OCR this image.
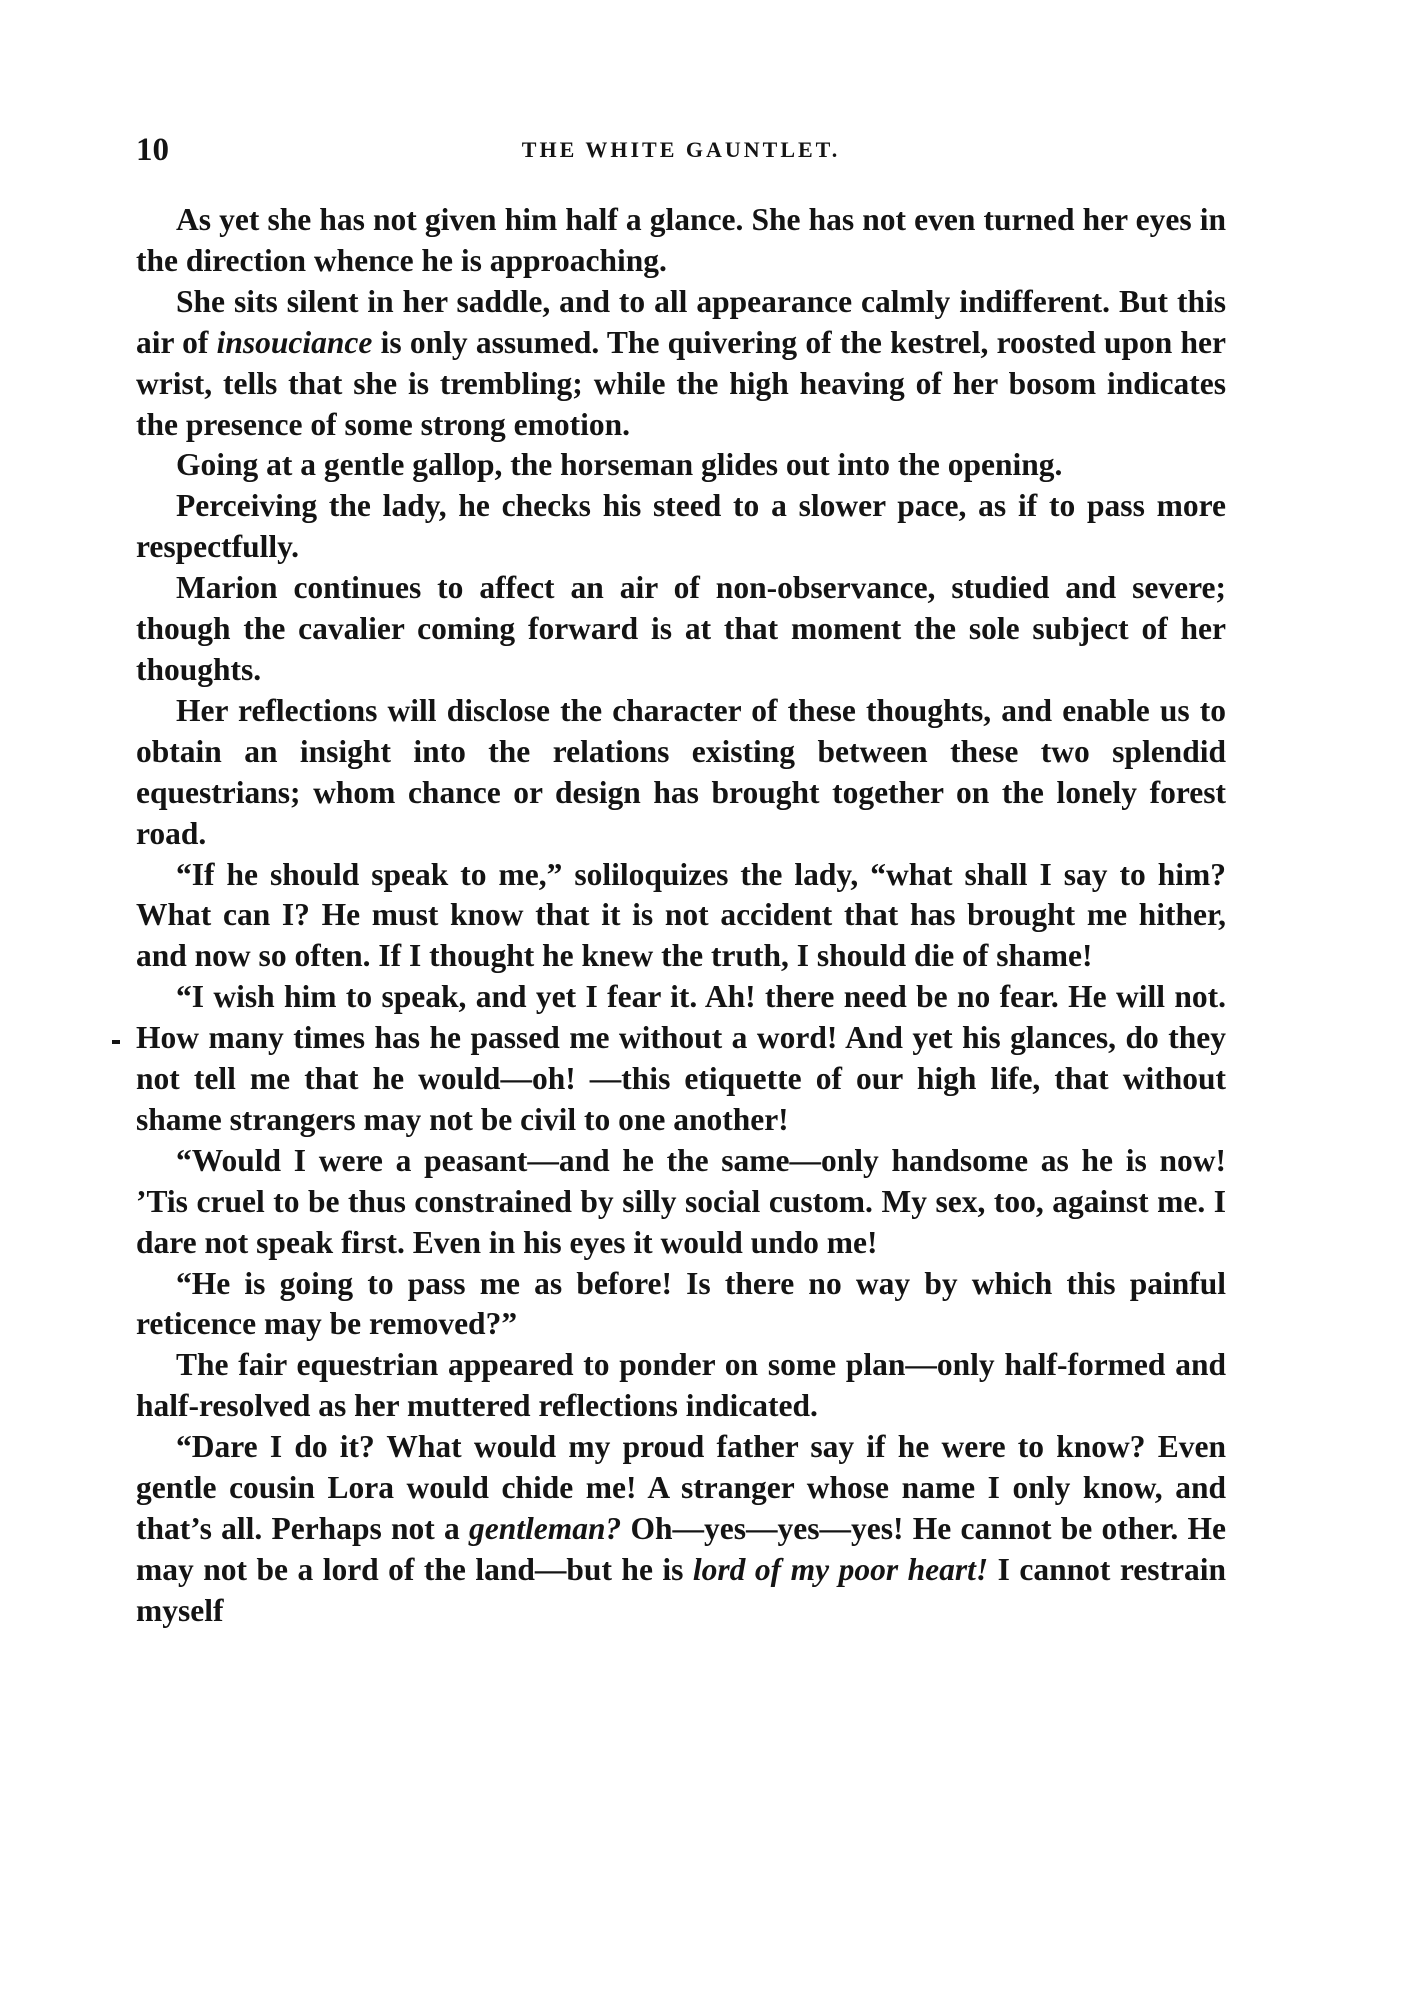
10	THE WHITE GAUNTLET.

As yet she has not given him half a glance. She has not even turned her eyes in the direction whence he is approaching.

She sits silent in her saddle, and to all appearance calmly indifferent. But this air of insouciance is only assumed. The quivering of the kestrel, roosted upon her wrist, tells that she is trembling; while the high heaving of her bosom indicates the presence of some strong emotion.

Going at a gentle gallop, the horseman glides out into the opening.

Perceiving the lady, he checks his steed to a slower pace, as if to pass more respectfully.

Marion continues to affect an air of non-observance, studied and severe; though the cavalier coming forward is at that moment the sole subject of her thoughts.

Her reflections will disclose the character of these thoughts, and enable us to obtain an insight into the relations existing between these two splendid equestrians; whom chance or design has brought together on the lonely forest road.

“If he should speak to me,” soliloquizes the lady, “what shall I say to him? What can I? He must know that it is not accident that has brought me hither, and now so often. If I thought he knew the truth, I should die of shame!

“I wish him to speak, and yet I fear it. Ah! there need be no fear. He will not. How many times has he passed me without a word! And yet his glances, do they not tell me that he would—oh! —this etiquette of our high life, that without shame strangers may not be civil to one another!

“Would I were a peasant—and he the same—only handsome as he is now! ’Tis cruel to be thus constrained by silly social custom. My sex, too, against me. I dare not speak first. Even in his eyes it would undo me!

“He is going to pass me as before! Is there no way by which this painful reticence may be removed?”

The fair equestrian appeared to ponder on some plan—only half-formed and half-resolved as her muttered reflections indicated.

“Dare I do it? What would my proud father say if he were to know? Even gentle cousin Lora would chide me! A stranger whose name I only know, and that’s all. Perhaps not a gentleman? Oh—yes—yes—yes! He cannot be other. He may not be a lord of the land—but he is lord of my poor heart! I cannot restrain myself
